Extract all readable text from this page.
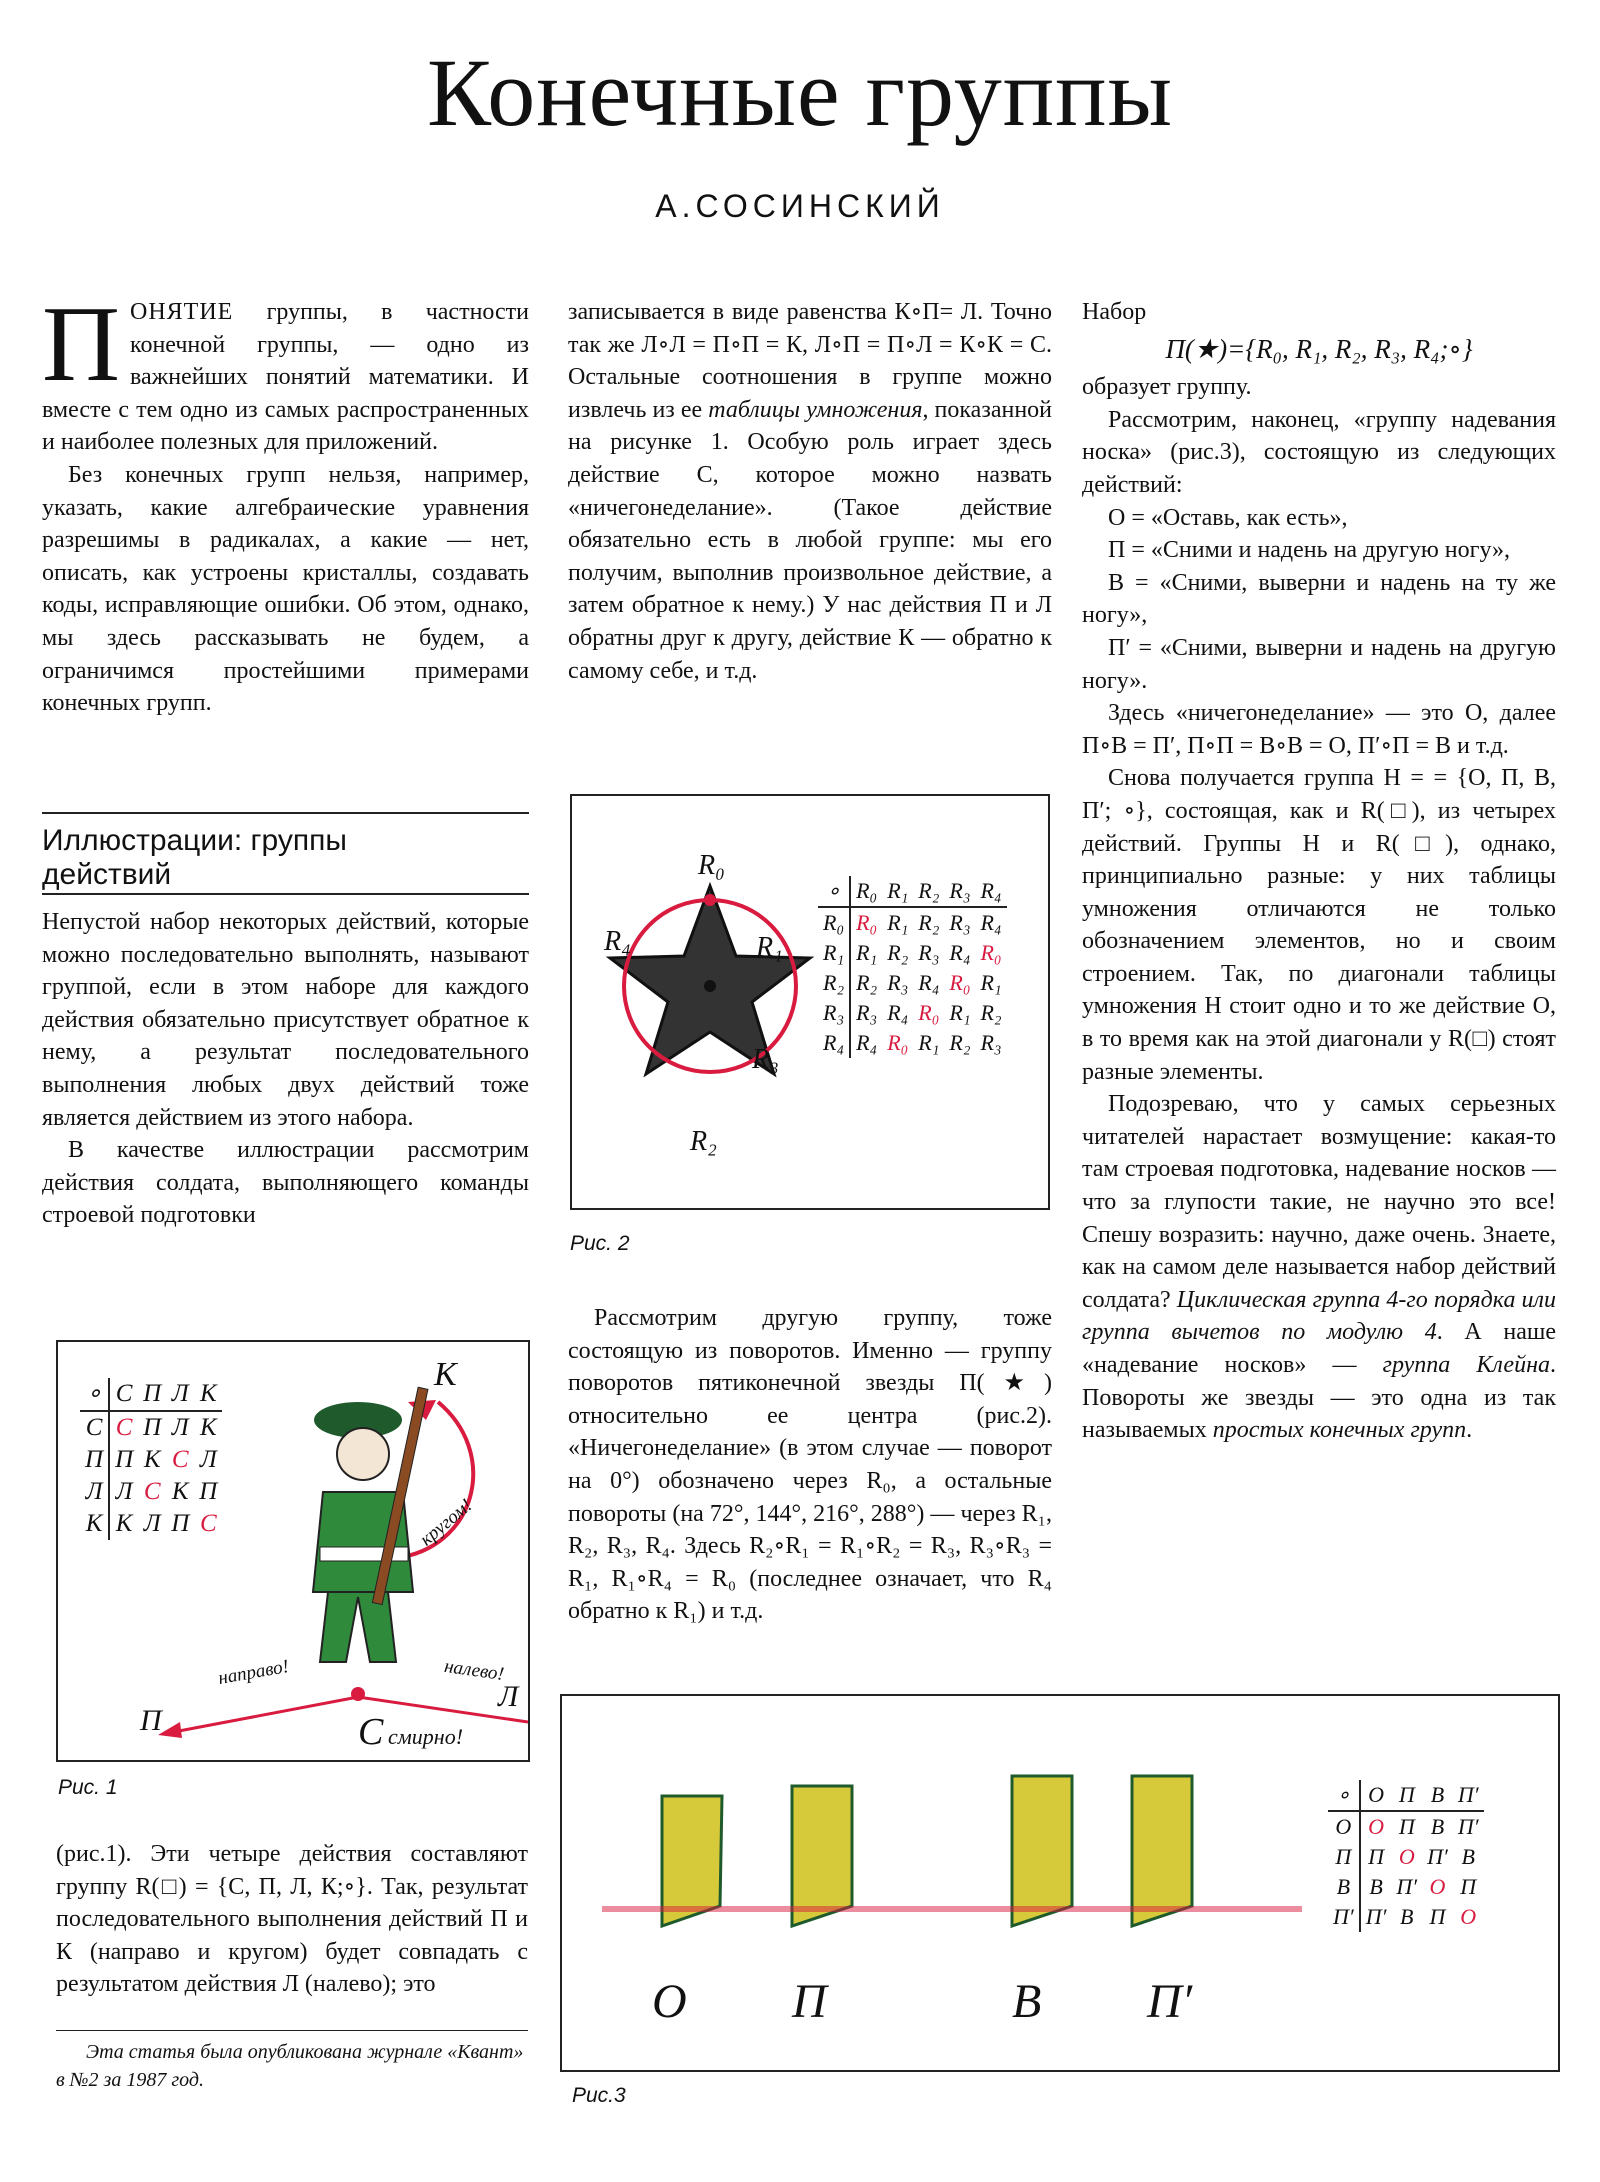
Конечные группы
А.СОСИНСКИЙ

ПОНЯТИЕ группы, в частности конечной группы, — одно из важнейших понятий математики. И вместе с тем одно из самых распространенных и наиболее полезных для приложений.

Без конечных групп нельзя, например, указать, какие алгебраические уравнения разрешимы в радикалах, а какие — нет, описать, как устроены кристаллы, создавать коды, исправляющие ошибки. Об этом, однако, мы здесь рассказывать не будем, а ограничимся простейшими примерами конечных групп.

Иллюстрации: группы действий

Непустой набор некоторых действий, которые можно последовательно выполнять, называют группой, если в этом наборе для каждого действия обязательно присутствует обратное к нему, а результат последовательного выполнения любых двух действий тоже является действием из этого набора.

В качестве иллюстрации рассмотрим действия солдата, выполняющего команды строевой подготовки

∘	С	П	Л	К
С	С	П	Л	К
П	П	К	С	Л
Л	Л	С	К	П
К	К	Л	П	С
К
кругом!
направо!	налево!
П
Л
С смирно!
Рис. 1

(рис.1). Эти четыре действия составляют группу R(□) = {С, П, Л, К;∘}. Так, результат последовательного выполнения действий П и К (направо и кругом) будет совпадать с результатом действия Л (налево); это

Эта статья была опубликована журнале «Квант» в №2 за 1987 год.

записывается в виде равенства К∘П= Л. Точно так же Л∘Л = П∘П = К, Л∘П = П∘Л = К∘К = С. Остальные соотношения в группе можно извлечь из ее таблицы умножения, показанной на рисунке 1. Особую роль играет здесь действие С, которое можно назвать «ничегонеделание». (Такое действие обязательно есть в любой группе: мы его получим, выполнив произвольное действие, а затем обратное к нему.) У нас действия П и Л обратны друг к другу, действие К — обратно к самому себе, и т.д.

R₀
R₁
R₂
R₃
R₄
∘	R₀	R₁	R₂	R₃	R₄
R₀	R₀	R₁	R₂	R₃	R₄
R₁	R₁	R₂	R₃	R₄	R₀
R₂	R₂	R₃	R₄	R₀	R₁
R₃	R₃	R₄	R₀	R₁	R₂
R₄	R₄	R₀	R₁	R₂	R₃
Рис. 2

Рассмотрим другую группу, тоже состоящую из поворотов. Именно — группу поворотов пятиконечной звезды П(★) относительно ее центра (рис.2). «Ничегонеделание» (в этом случае — поворот на 0°) обозначено через R₀, а остальные повороты (на 72°, 144°, 216°, 288°) — через R₁, R₂, R₃, R₄. Здесь R₂∘R₁ = R₁∘R₂ = R₃, R₃∘R₃ = R₁, R₁∘R₄ = R₀ (последнее означает, что R₄ обратно к R₁) и т.д.

Набор

П(★)={R₀, R₁, R₂, R₃, R₄;∘}

образует группу.

Рассмотрим, наконец, «группу надевания носка» (рис.3), состоящую из следующих действий:

О = «Оставь, как есть»,

П = «Сними и надень на другую ногу»,

В = «Сними, выверни и надень на ту же ногу»,

П′ = «Сними, выверни и надень на другую ногу».

Здесь «ничегонеделание» — это О, далее П∘В = П′, П∘П = В∘В = О, П′∘П = В и т.д.

Снова получается группа Н = = {О, П, В, П′; ∘}, состоящая, как и R(□), из четырех действий. Группы Н и R(□), однако, принципиально разные: у них таблицы умножения отличаются не только обозначением элементов, но и своим строением. Так, по диагонали таблицы умножения Н стоит одно и то же действие О, в то время как на этой диагонали у R(□) стоят разные элементы.

Подозреваю, что у самых серьезных читателей нарастает возмущение: какая-то там строевая подготовка, надевание носков — что за глупости такие, не научно это все! Спешу возразить: научно, даже очень. Знаете, как на самом деле называется набор действий солдата? Циклическая группа 4-го порядка или группа вычетов по модулю 4. А наше «надевание носков» — группа Клейна. Повороты же звезды — это одна из так называемых простых конечных групп.

О П	В П′
∘	О	П	В	П′
О	О	П	В	П′
П	П	О	П′	В
В	В	П′	О	П
П′	П′	В	П	О
Рис.3
